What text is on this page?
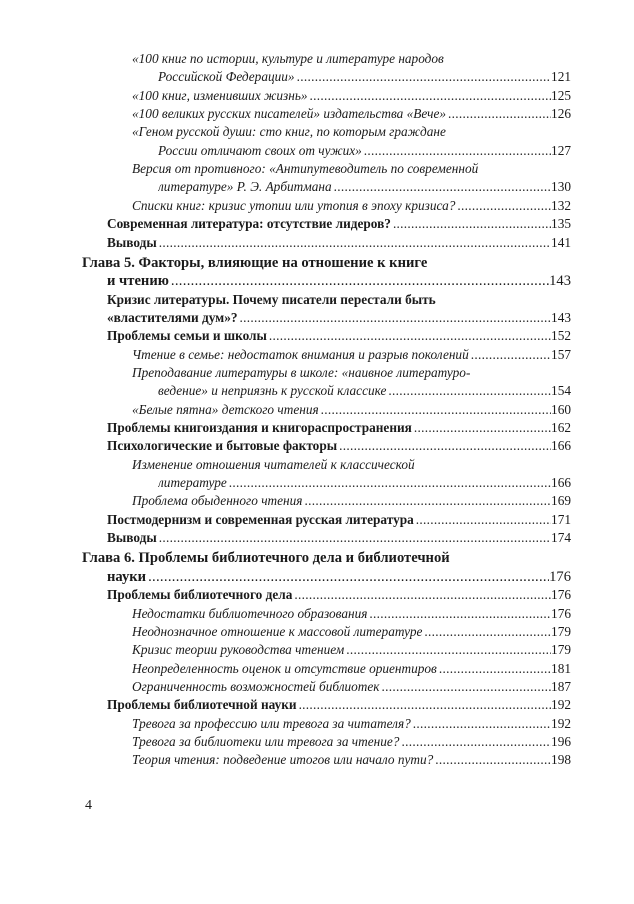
«100 книг по истории, культуре и литературе народов
Российской Федерации» .....	121
«100 книг, изменивших жизнь» .....	125
«100 великих русских писателей» издательства «Вече» .....	126
«Геном русской души: сто книг, по которым граждане
России отличают своих от чужих» .....	127
Версия от противного: «Антипутеводитель по современной
литературе» Р. Э. Арбитмана .....	130
Списки книг: кризис утопии или утопия в эпоху кризиса? .....	132
Современная литература: отсутствие лидеров? .....	135
Выводы .....	141
Глава 5. Факторы, влияющие на отношение к книге
и чтению .....	143
Кризис литературы. Почему писатели перестали быть
«властителями дум»? .....	143
Проблемы семьи и школы .....	152
Чтение в семье: недостаток внимания и разрыв поколений .....	157
Преподавание литературы в школе: «наивное литературо-
ведение» и неприязнь к русской классике .....	154
«Белые пятна» детского чтения .....	160
Проблемы книгоиздания и книгораспространения .....	162
Психологические и бытовые факторы .....	166
Изменение отношения читателей к классической
литературе .....	166
Проблема обыденного чтения .....	169
Постмодернизм и современная русская литература .....	171
Выводы .....	174
Глава 6. Проблемы библиотечного дела и библиотечной
науки .....	176
Проблемы библиотечного дела .....	176
Недостатки библиотечного образования .....	176
Неоднозначное отношение к массовой литературе .....	179
Кризис теории руководства чтением .....	179
Неопределенность оценок и отсутствие ориентиров .....	181
Ограниченность возможностей библиотек .....	187
Проблемы библиотечной науки .....	192
Тревога за профессию или тревога за читателя? .....	192
Тревога за библиотеки или тревога за чтение? .....	196
Теория чтения: подведение итогов или начало пути? .....	198
4
